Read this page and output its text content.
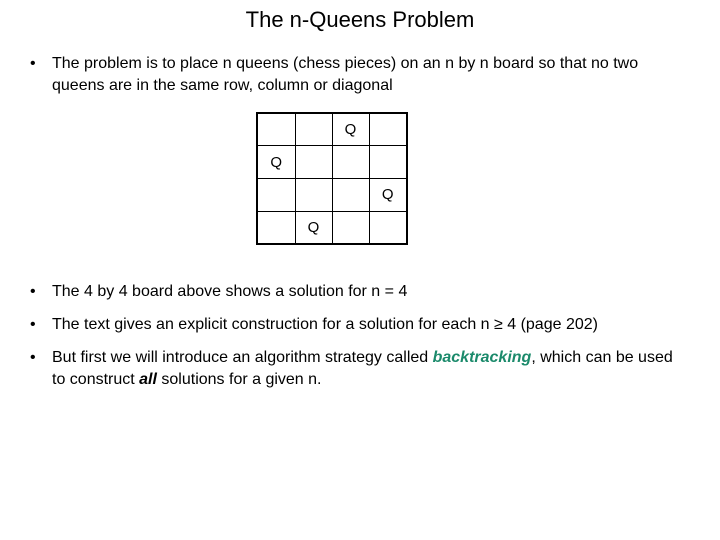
The n-Queens Problem
•	The problem is to place n queens (chess pieces) on an n by n board so that no two queens are in the same row, column or diagonal
		Q	
Q			
			Q
	Q		
•	The 4 by 4 board above shows a solution for n = 4
•	The text gives an explicit construction for a solution for each n ≥ 4 (page 202)
•	But first we will introduce an algorithm strategy called backtracking, which can be used to construct all solutions for a given n.
